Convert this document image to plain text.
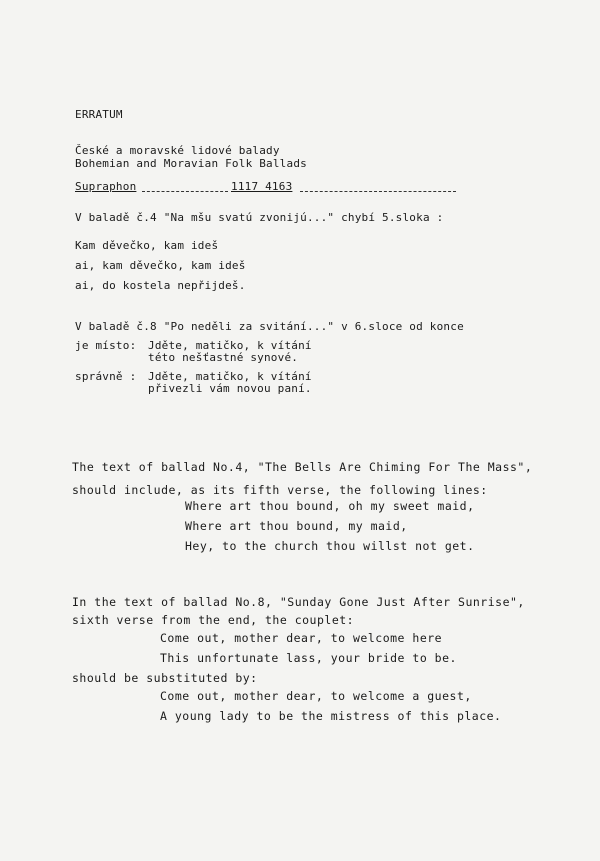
ERRATUM
České a moravské lidové balady
Bohemian and Moravian Folk Ballads
Supraphon	1117 4163
V baladě č.4 "Na mšu svatú zvonijú..." chybí 5.sloka :
Kam děvečko, kam ideš
ai, kam děvečko, kam ideš
ai, do kostela nepřijdeš.
V baladě č.8 "Po neděli za svitání..." v 6.sloce od konce
je místo: Jděte, matičko, k vítání
této nešťastné synové.
správně : Jděte, matičko, k vítání
přivezli vám novou paní.
The text of ballad No.4, "The Bells Are Chiming For The Mass",
should include, as its fifth verse, the following lines:
Where art thou bound, oh my sweet maid,
Where art thou bound, my maid,
Hey, to the church thou willst not get.
In the text of ballad No.8, "Sunday Gone Just After Sunrise",
sixth verse from the end, the couplet:
Come out, mother dear, to welcome here
This unfortunate lass, your bride to be.
should be substituted by:
Come out, mother dear, to welcome a guest,
A young lady to be the mistress of this place.
